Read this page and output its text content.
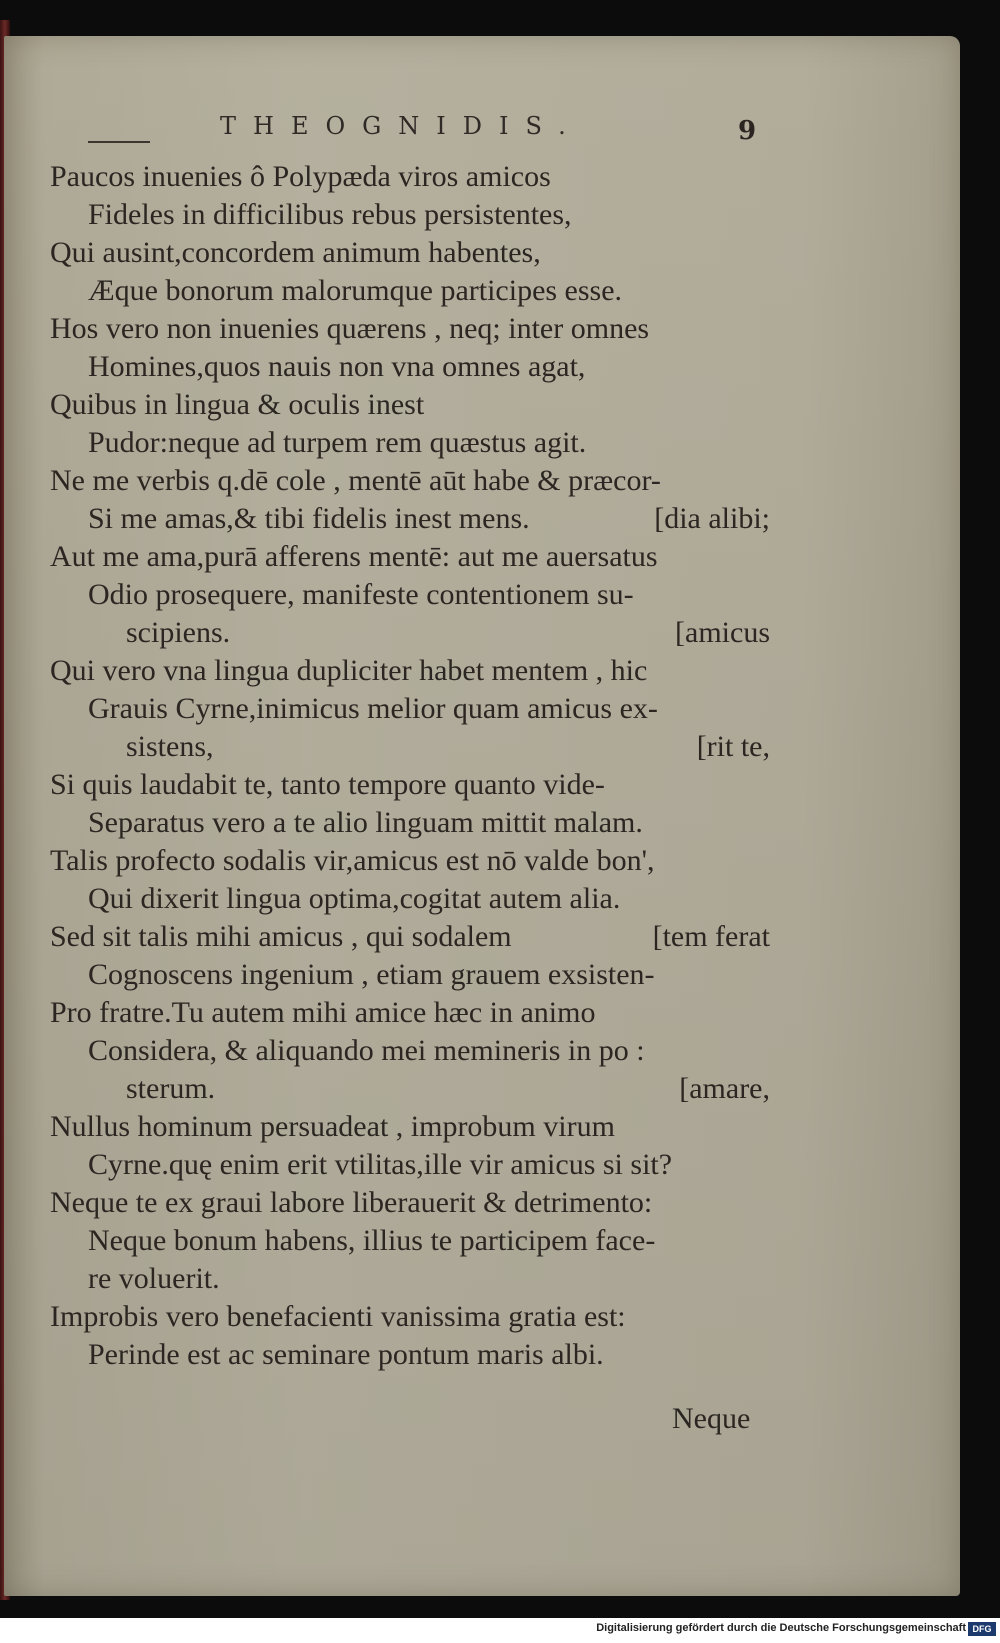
THEOGNIDIS.	9
Paucos inuenies ô Polypæda viros amicos
Fideles in difficilibus rebus persistentes,
Qui ausint,concordem animum habentes,
Æque bonorum malorumque participes esse.
Hos vero non inuenies quærens , neq; inter omnes
Homines,quos nauis non vna omnes agat,
Quibus in lingua & oculis inest
Pudor:neque ad turpem rem quæstus agit.
Ne me verbis q.dē cole , mentē aūt habe & præcor-
Si me amas,& tibi fidelis inest mens.	[dia alibi;
Aut me ama,purā afferens mentē: aut me auersatus
Odio prosequere, manifeste contentionem su-
scipiens.	[amicus
Qui vero vna lingua dupliciter habet mentem , hic
Grauis Cyrne,inimicus melior quam amicus ex-
sistens,	[rit te,
Si quis laudabit te, tanto tempore quanto vide-
Separatus vero a te alio linguam mittit malam.
Talis profecto sodalis vir,amicus est nō valde bon',
Qui dixerit lingua optima,cogitat autem alia.
Sed sit talis mihi amicus , qui sodalem	[tem ferat
Cognoscens ingenium , etiam grauem exsisten-
Pro fratre.Tu autem mihi amice hæc in animo
Considera, & aliquando mei memineris in po :
sterum.	[amare,
Nullus hominum persuadeat , improbum virum
Cyrne.quę enim erit vtilitas,ille vir amicus si sit?
Neque te ex graui labore liberauerit & detrimento:
Neque bonum habens, illius te participem face-
re voluerit.
Improbis vero benefacienti vanissima gratia est:
Perinde est ac seminare pontum maris albi.
Neque
Digitalisierung gefördert durch die Deutsche Forschungsgemeinschaft DFG
